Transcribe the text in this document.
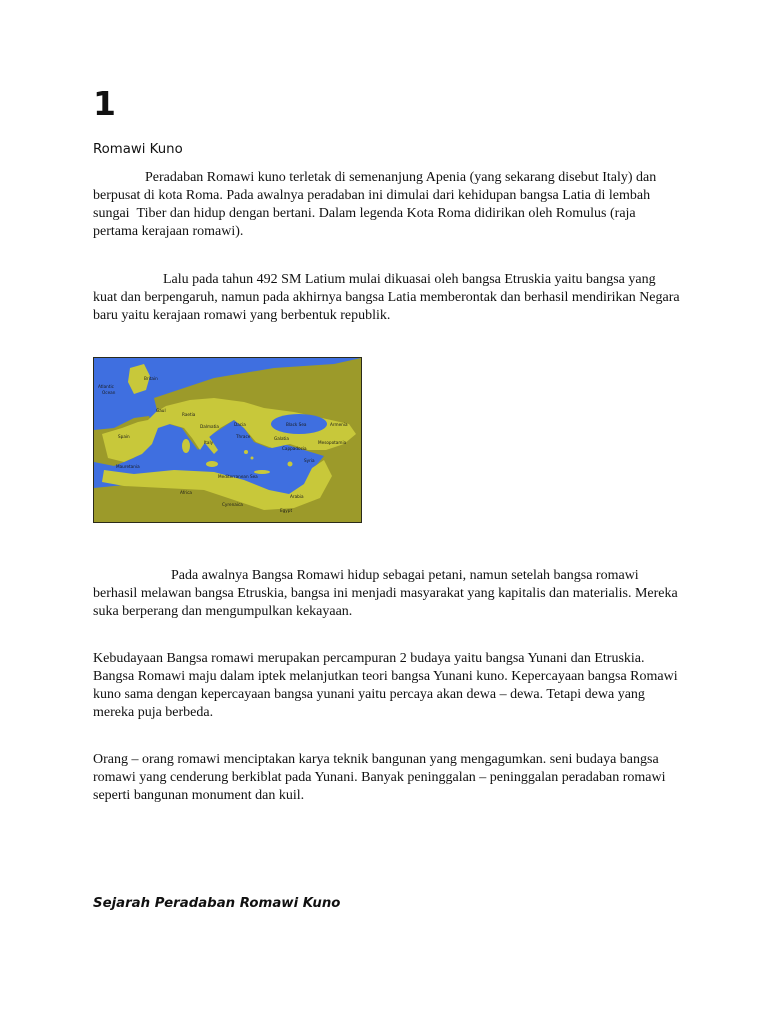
1

Romawi Kuno

Peradaban Romawi kuno terletak di semenanjung Apenia (yang sekarang disebut Italy) dan berpusat di kota Roma. Pada awalnya peradaban ini dimulai dari kehidupan bangsa Latia di lembah sungai  Tiber dan hidup dengan bertani. Dalam legenda Kota Roma didirikan oleh Romulus (raja pertama kerajaan romawi).

Lalu pada tahun 492 SM Latium mulai dikuasai oleh bangsa Etruskia yaitu bangsa yang kuat dan berpengaruh, namun pada akhirnya bangsa Latia memberontak dan berhasil mendirikan Negara baru yaitu kerajaan romawi yang berbentuk republik.

Atlantic
Ocean
Britain
Gaul
Raetia
Dacia
Spain
Dalmatia
Italy
Thrace
Black Sea	Armenia
Galatia
Mesopotamia
Cappadocia
Syria
Mauretania
Mediterranean Sea
Africa
Cyrenaica
Egypt
Arabia

Pada awalnya Bangsa Romawi hidup sebagai petani, namun setelah bangsa romawi berhasil melawan bangsa Etruskia, bangsa ini menjadi masyarakat yang kapitalis dan materialis. Mereka suka berperang dan mengumpulkan kekayaan.

Kebudayaan Bangsa romawi merupakan percampuran 2 budaya yaitu bangsa Yunani dan Etruskia. Bangsa Romawi maju dalam iptek melanjutkan teori bangsa Yunani kuno. Kepercayaan bangsa Romawi kuno sama dengan kepercayaan bangsa yunani yaitu percaya akan dewa – dewa. Tetapi dewa yang mereka puja berbeda.

Orang – orang romawi menciptakan karya teknik bangunan yang mengagumkan. seni budaya bangsa romawi yang cenderung berkiblat pada Yunani. Banyak peninggalan – peninggalan peradaban romawi seperti bangunan monument dan kuil.

Sejarah Peradaban Romawi Kuno
